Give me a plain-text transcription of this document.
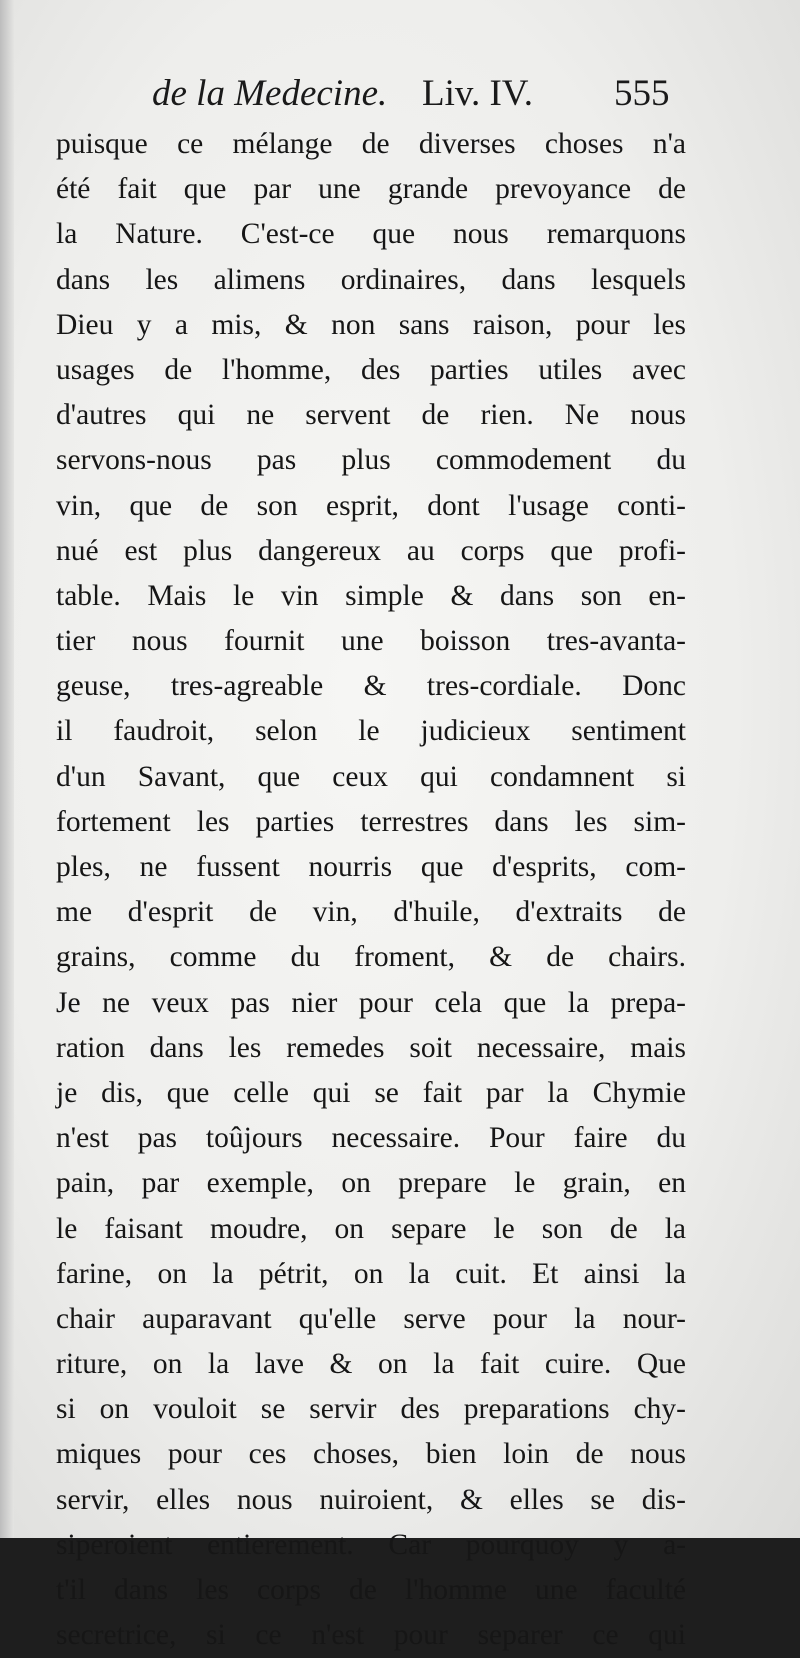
de la Medecine. Liv. IV. 555
puisque ce mélange de diverses choses n'a
été fait que par une grande prevoyance de
la Nature. C'est-ce que nous remarquons
dans les alimens ordinaires, dans lesquels
Dieu y a mis, & non sans raison, pour les
usages de l'homme, des parties utiles avec
d'autres qui ne servent de rien. Ne nous
servons-nous pas plus commodement du
vin, que de son esprit, dont l'usage conti-
nué est plus dangereux au corps que profi-
table. Mais le vin simple & dans son en-
tier nous fournit une boisson tres-avanta-
geuse, tres-agreable & tres-cordiale. Donc
il faudroit, selon le judicieux sentiment
d'un Savant, que ceux qui condamnent si
fortement les parties terrestres dans les sim-
ples, ne fussent nourris que d'esprits, com-
me d'esprit de vin, d'huile, d'extraits de
grains, comme du froment, & de chairs.
Je ne veux pas nier pour cela que la prepa-
ration dans les remedes soit necessaire, mais
je dis, que celle qui se fait par la Chymie
n'est pas toûjours necessaire. Pour faire du
pain, par exemple, on prepare le grain, en
le faisant moudre, on separe le son de la
farine, on la pétrit, on la cuit. Et ainsi la
chair auparavant qu'elle serve pour la nour-
riture, on la lave & on la fait cuire. Que
si on vouloit se servir des preparations chy-
miques pour ces choses, bien loin de nous
servir, elles nous nuiroient, & elles se dis-
siperoient entierement. Car pourquoy y a-
t'il dans les corps de l'homme une faculté
secretrice, si ce n'est pour separer ce qui
